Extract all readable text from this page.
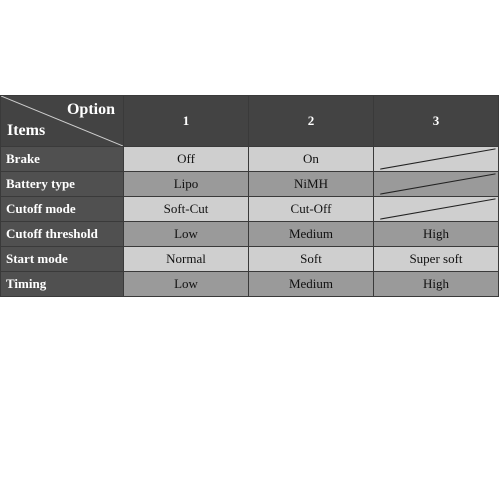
Option
Items	1	2	3
Brake	Off	On	

Battery type	Lipo	NiMH	

Cutoff mode	Soft-Cut	Cut-Off	

Cutoff threshold	Low	Medium	High
Start mode	Normal	Soft	Super soft
Timing	Low	Medium	High
